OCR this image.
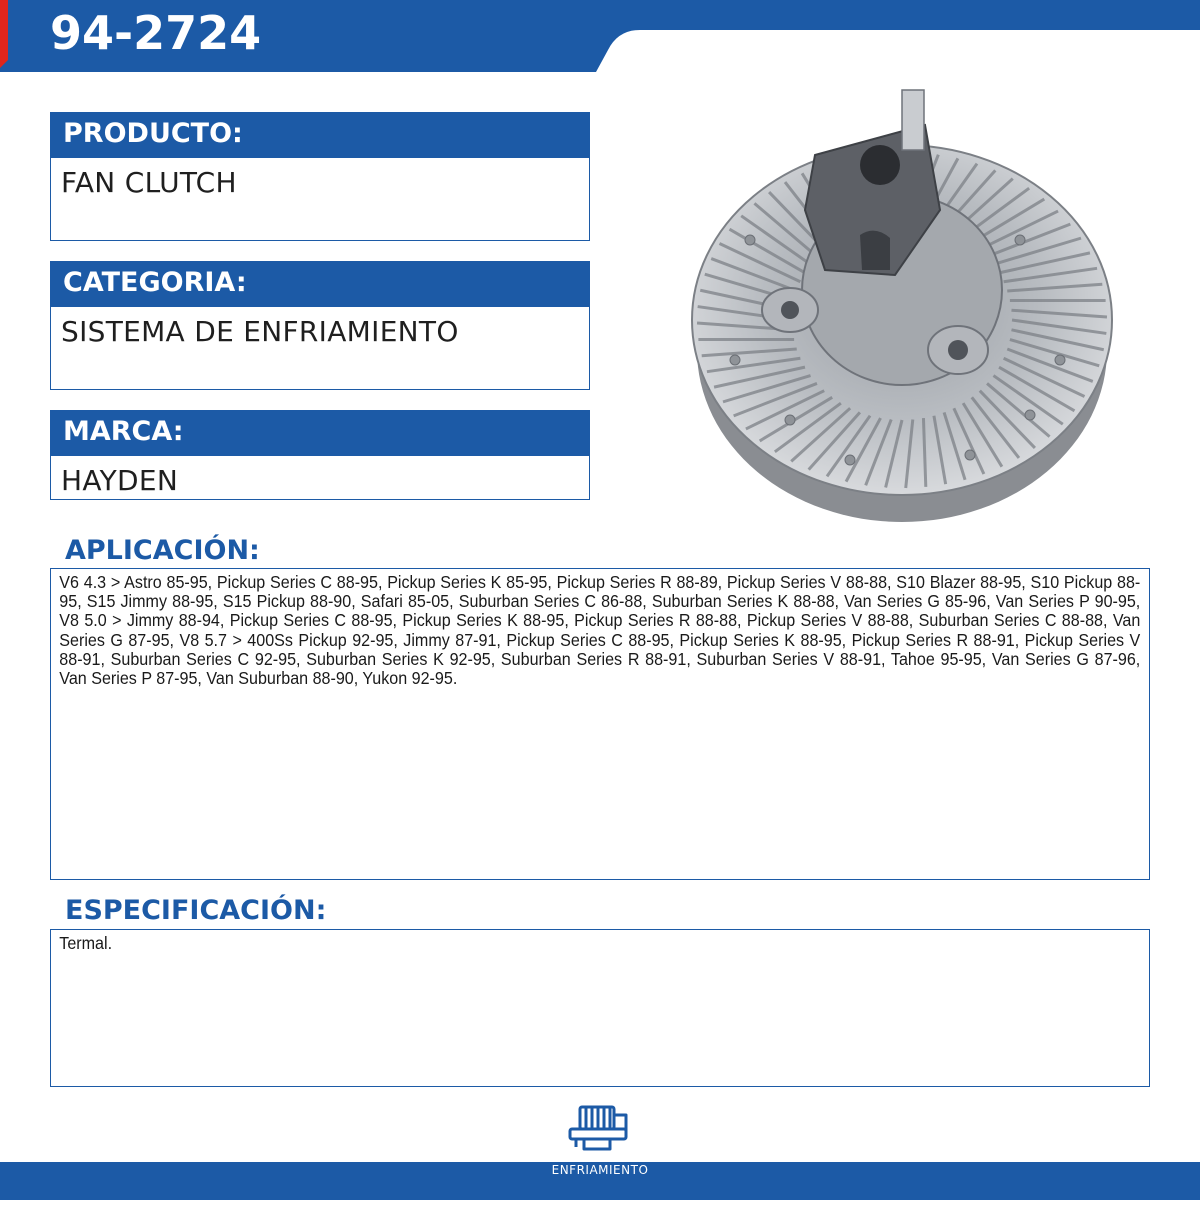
94-2724
PRODUCTO:
FAN CLUTCH
CATEGORIA:
SISTEMA DE ENFRIAMIENTO
MARCA:
HAYDEN
APLICACIÓN:

V6 4.3 > Astro 85-95, Pickup Series C 88-95, Pickup Series K 85-95, Pickup Series R 88-89, Pickup Series V 88-88, S10 Blazer 88-95, S10 Pickup 88-95, S15 Jimmy 88-95, S15 Pickup 88-90, Safari 85-05, Suburban Series C 86-88, Suburban Series K 88-88, Van Series G 85-96, Van Series P 90-95, V8 5.0 > Jimmy 88-94, Pickup Series C 88-95, Pickup Series K 88-95, Pickup Series R 88-88, Pickup Series V 88-88, Suburban Series C 88-88, Van Series G 87-95, V8 5.7 > 400Ss Pickup 92-95, Jimmy 87-91, Pickup Series C 88-95, Pickup Series K 88-95, Pickup Series R 88-91, Pickup Series V 88-91, Suburban Series C 92-95, Suburban Series K 92-95, Suburban Series R 88-91, Suburban Series V 88-91, Tahoe 95-95, Van Series G 87-96, Van Series P 87-95, Van Suburban 88-90, Yukon 92-95.

ESPECIFICACIÓN:

Termal.

ENFRIAMIENTO
